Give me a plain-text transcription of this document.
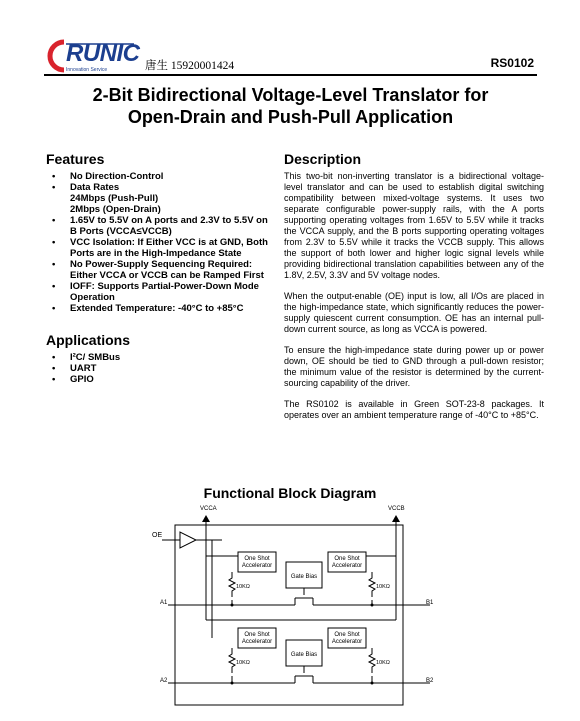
RUNIC
Innovation Service	唐生 15920001424	RS0102
2-Bit Bidirectional Voltage-Level Translator for
Open-Drain and Push-Pull Application
Features
• No Direction-Control
• Data Rates
24Mbps (Push-Pull)
2Mbps (Open-Drain)
• 1.65V to 5.5V on A ports and 2.3V to 5.5V on B Ports (VCCA≤VCCB)
• VCC Isolation: If Either VCC is at GND, Both Ports are in the High-Impedance State
• No Power-Supply Sequencing Required: Either VCCA or VCCB can be Ramped First
• IOFF: Supports Partial-Power-Down Mode Operation
• Extended Temperature: -40°C to +85°C
Applications
• I²C/ SMBus
• UART
• GPIO
Description

This two-bit non-inverting translator is a bidirectional voltage-level translator and can be used to establish digital switching compatibility between mixed-voltage systems. It uses two separate configurable power-supply rails, with the A ports supporting operating voltages from 1.65V to 5.5V while it tracks the VCCA supply, and the B ports supporting operating voltages from 2.3V to 5.5V while it tracks the VCCB supply. This allows the support of both lower and higher logic signal levels while providing bidirectional translation capabilities between any of the 1.8V, 2.5V, 3.3V and 5V voltage nodes.

When the output-enable (OE) input is low, all I/Os are placed in the high-impedance state, which significantly reduces the power-supply quiescent current consumption. OE has an internal pull-down current source, as long as VCCA is powered.

To ensure the high-impedance state during power up or power down, OE should be tied to GND through a pull-down resistor; the minimum value of the resistor is determined by the current-sourcing capability of the driver.

The RS0102 is available in Green SOT-23-8 packages. It operates over an ambient temperature range of -40°C to +85°C.

Functional Block Diagram
VCCA	VCCB
OE
One Shot
Accelerator
One Shot
Accelerator
Gate Bias
10KΩ	10KΩ
A1	B1
One Shot
Accelerator
One Shot
Accelerator
Gate Bias
10KΩ	10KΩ
A2	B2
